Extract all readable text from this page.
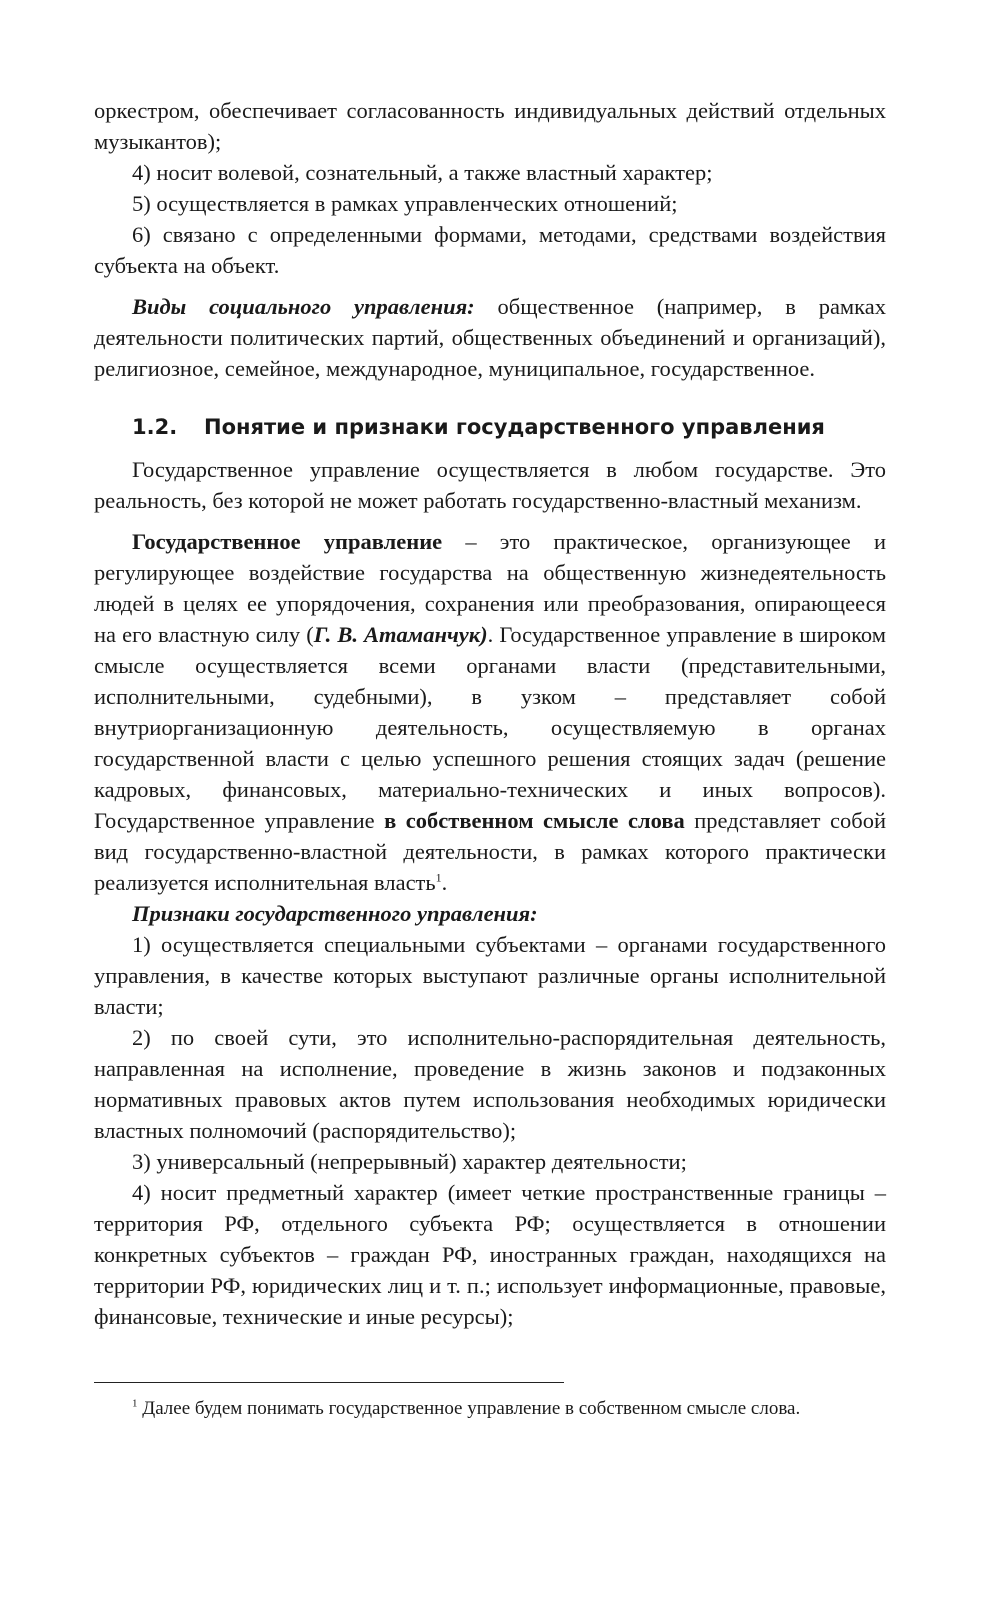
оркестром, обеспечивает согласованность индивидуальных действий отдельных музыкантов);

4) носит волевой, сознательный, а также властный характер;

5) осуществляется в рамках управленческих отношений;

6) связано с определенными формами, методами, средствами воздействия субъекта на объект.

Виды социального управления: общественное (например, в рамках деятельности политических партий, общественных объединений и организаций), религиозное, семейное, международное, муниципальное, государственное.

1.2. Понятие и признаки государственного управления

Государственное управление осуществляется в любом государстве. Это реальность, без которой не может работать государственно-властный механизм.

Государственное управление – это практическое, организующее и регулирующее воздействие государства на общественную жизнедеятельность людей в целях ее упорядочения, сохранения или преобразования, опирающееся на его властную силу (Г. В. Атаманчук). Государственное управление в широком смысле осуществляется всеми органами власти (представительными, исполнительными, судебными), в узком – представляет собой внутриорганизационную деятельность, осуществляемую в органах государственной власти с целью успешного решения стоящих задач (решение кадровых, финансовых, материально-технических и иных вопросов). Государственное управление в собственном смысле слова представляет собой вид государственно-властной деятельности, в рамках которого практически реализуется исполнительная власть$^1$.

Признаки государственного управления:

1) осуществляется специальными субъектами – органами государственного управления, в качестве которых выступают различные органы исполнительной власти;

2) по своей сути, это исполнительно-распорядительная деятельность, направленная на исполнение, проведение в жизнь законов и подзаконных нормативных правовых актов путем использования необходимых юридически властных полномочий (распорядительство);

3) универсальный (непрерывный) характер деятельности;

4) носит предметный характер (имеет четкие пространственные границы – территория РФ, отдельного субъекта РФ; осуществляется в отношении конкретных субъектов – граждан РФ, иностранных граждан, находящихся на территории РФ, юридических лиц и т. п.; использует информационные, правовые, финансовые, технические и иные ресурсы);

$^1$ Далее будем понимать государственное управление в собственном смысле слова.
